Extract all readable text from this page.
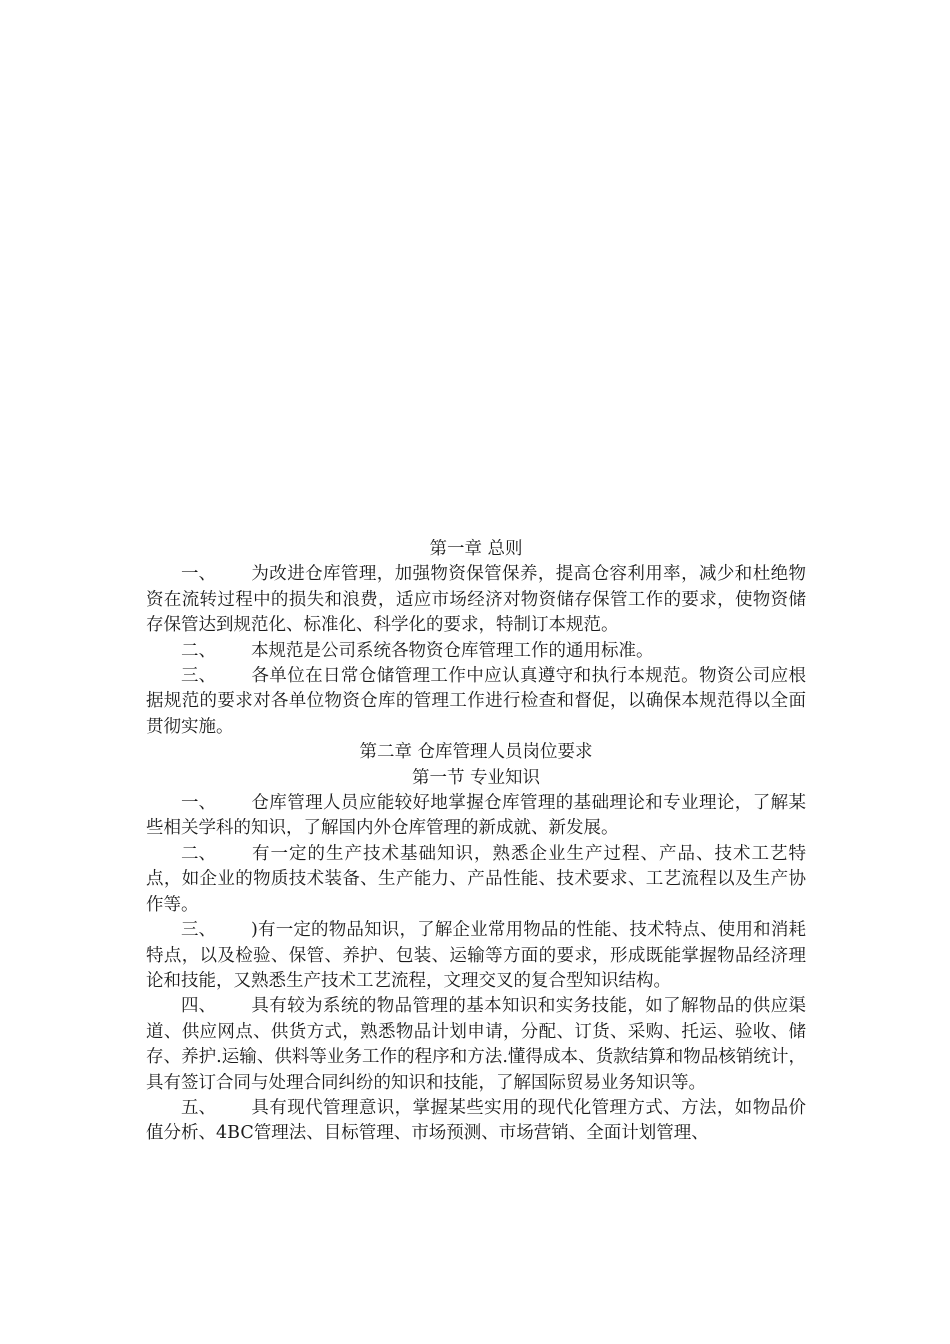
第一章 总则

一、 为改进仓库管理，加强物资保管保养，提高仓容利用率，减少和杜绝物资在流转过程中的损失和浪费，适应市场经济对物资储存保管工作的要求，使物资储存保管达到规范化、标准化、科学化的要求，特制订本规范。

二、 本规范是公司系统各物资仓库管理工作的通用标准。

三、 各单位在日常仓储管理工作中应认真遵守和执行本规范。物资公司应根据规范的要求对各单位物资仓库的管理工作进行检查和督促，以确保本规范得以全面贯彻实施。

第二章 仓库管理人员岗位要求

第一节 专业知识

一、 仓库管理人员应能较好地掌握仓库管理的基础理论和专业理论，了解某些相关学科的知识，了解国内外仓库管理的新成就、新发展。

二、 有一定的生产技术基础知识，熟悉企业生产过程、产品、技术工艺特点，如企业的物质技术装备、生产能力、产品性能、技术要求、工艺流程以及生产协作等。

三、 )有一定的物品知识，了解企业常用物品的性能、技术特点、使用和消耗特点，以及检验、保管、养护、包装、运输等方面的要求，形成既能掌握物品经济理论和技能，又熟悉生产技术工艺流程，文理交叉的复合型知识结构。

四、 具有较为系统的物品管理的基本知识和实务技能，如了解物品的供应渠道、供应网点、供货方式，熟悉物品计划申请，分配、订货、采购、托运、验收、储存、养护.运输、供料等业务工作的程序和方法.懂得成本、货款结算和物品核销统计，具有签订合同与处理合同纠纷的知识和技能，了解国际贸易业务知识等。

五、 具有现代管理意识，掌握某些实用的现代化管理方式、方法，如物品价值分析、4BC管理法、目标管理、市场预测、市场营销、全面计划管理、
